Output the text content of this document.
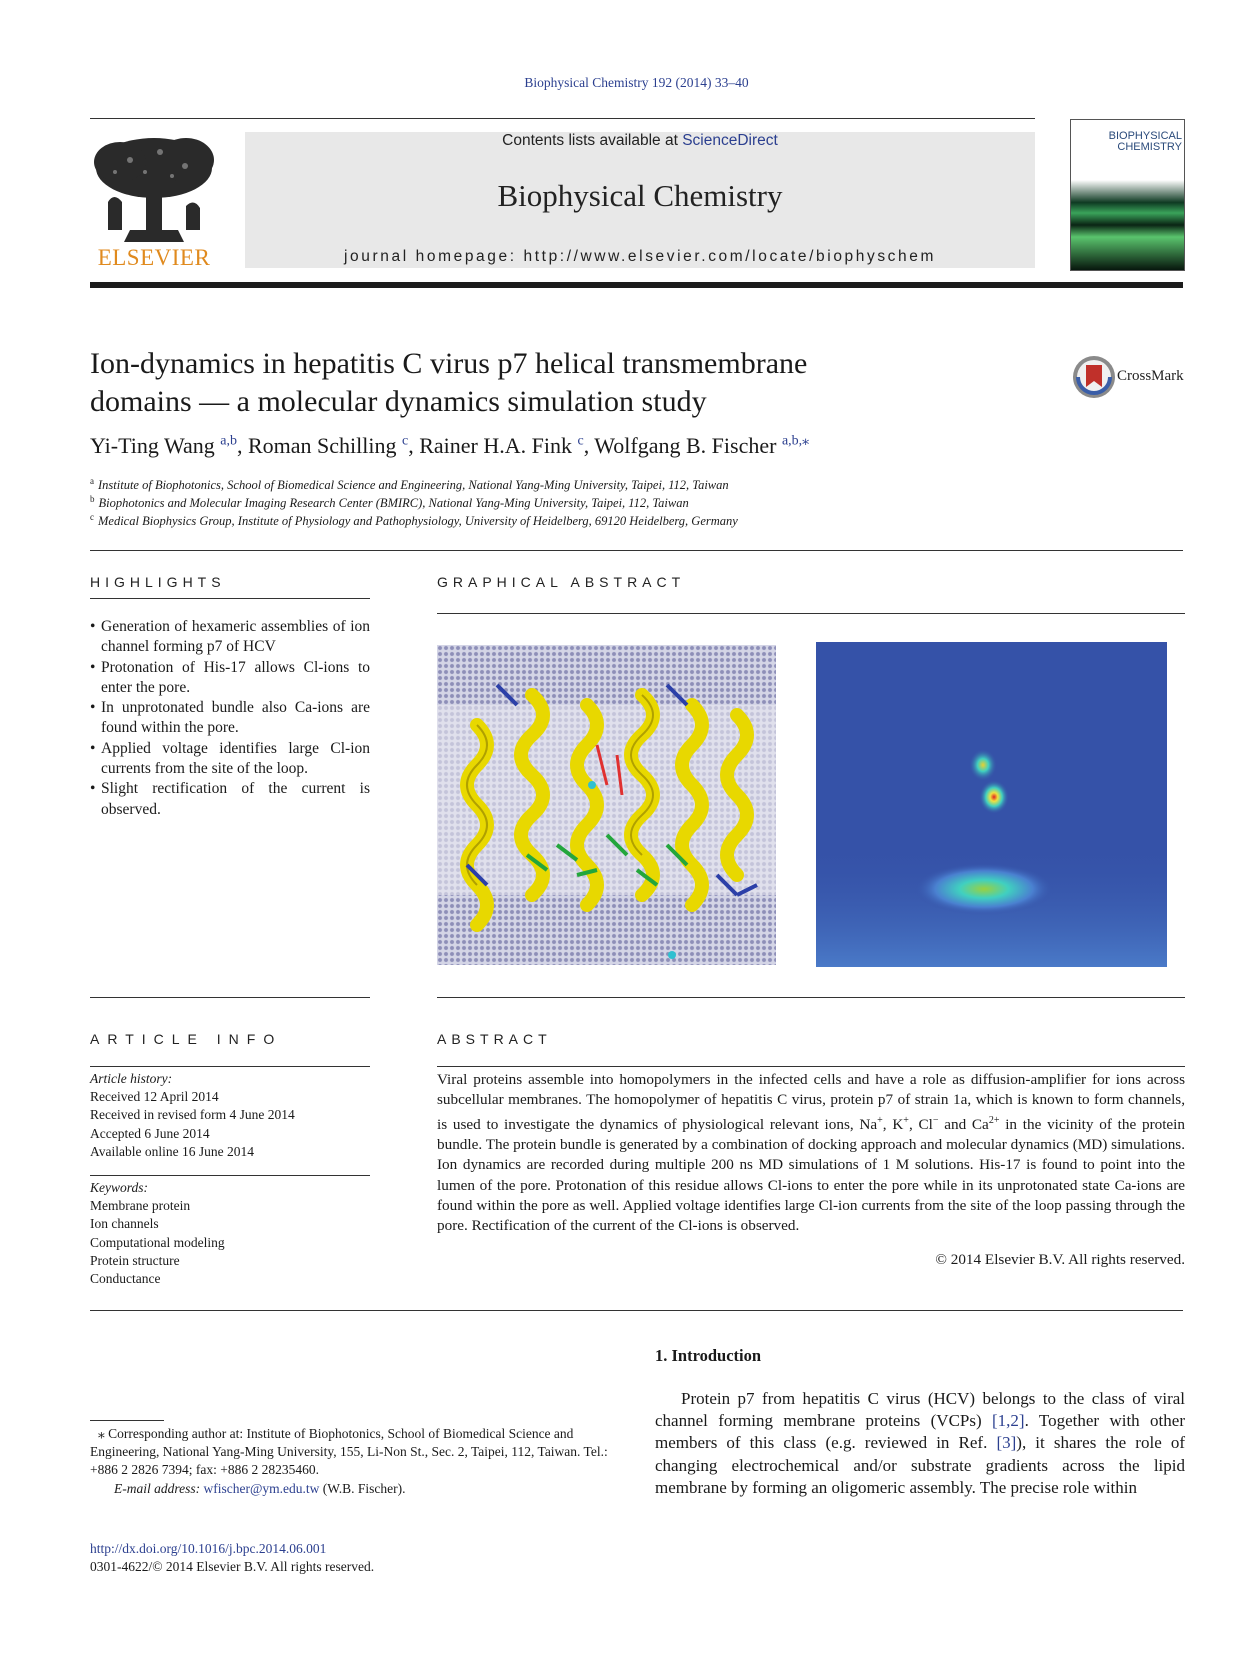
Biophysical Chemistry 192 (2014) 33–40
ELSEVIER
Contents lists available at ScienceDirect
Biophysical Chemistry
journal homepage: http://www.elsevier.com/locate/biophyschem
BIOPHYSICAL
CHEMISTRY
Ion-dynamics in hepatitis C virus p7 helical transmembrane
domains — a molecular dynamics simulation study
CrossMark
Yi-Ting Wang $^{a,b}$, Roman Schilling $^c$, Rainer H.A. Fink $^c$, Wolfgang B. Fischer $^{a,b,⁎}$
$^a$ Institute of Biophotonics, School of Biomedical Science and Engineering, National Yang-Ming University, Taipei, 112, Taiwan
$^b$ Biophotonics and Molecular Imaging Research Center (BMIRC), National Yang-Ming University, Taipei, 112, Taiwan
$^c$ Medical Biophysics Group, Institute of Physiology and Pathophysiology, University of Heidelberg, 69120 Heidelberg, Germany
HIGHLIGHTS
• Generation of hexameric assemblies of ion channel forming p7 of HCV
• Protonation of His-17 allows Cl-ions to enter the pore.
• In unprotonated bundle also Ca-ions are found within the pore.
• Applied voltage identifies large Cl-ion currents from the site of the loop.
• Slight rectification of the current is observed.
GRAPHICAL ABSTRACT
ARTICLE INFO
Article history:
Received 12 April 2014
Received in revised form 4 June 2014
Accepted 6 June 2014
Available online 16 June 2014
Keywords:
Membrane protein
Ion channels
Computational modeling
Protein structure
Conductance
ABSTRACT
Viral proteins assemble into homopolymers in the infected cells and have a role as diffusion-amplifier for ions across subcellular membranes. The homopolymer of hepatitis C virus, protein p7 of strain 1a, which is known to form channels, is used to investigate the dynamics of physiological relevant ions, Na+, K+, Cl− and $Ca^{2+}$ in the vicinity of the protein bundle. The protein bundle is generated by a combination of docking approach and molecular dynamics (MD) simulations. Ion dynamics are recorded during multiple 200 ns MD simulations of 1 M solutions. His-17 is found to point into the lumen of the pore. Protonation of this residue allows Cl-ions to enter the pore while in its unprotonated state Ca-ions are found within the pore as well. Applied voltage identifies large Cl-ion currents from the site of the loop passing through the pore. Rectification of the current of the Cl-ions is observed.
© 2014 Elsevier B.V. All rights reserved.
1. Introduction
Protein p7 from hepatitis C virus (HCV) belongs to the class of viral channel forming membrane proteins (VCPs) [1,2]. Together with other members of this class (e.g. reviewed in Ref. [3]), it shares the role of changing electrochemical and/or substrate gradients across the lipid membrane by forming an oligomeric assembly. The precise role within
⁎ Corresponding author at: Institute of Biophotonics, School of Biomedical Science and Engineering, National Yang-Ming University, 155, Li-Non St., Sec. 2, Taipei, 112, Taiwan. Tel.: +886 2 2826 7394; fax: +886 2 28235460.
E-mail address: wfischer@ym.edu.tw (W.B. Fischer).
http://dx.doi.org/10.1016/j.bpc.2014.06.001
0301-4622/© 2014 Elsevier B.V. All rights reserved.
